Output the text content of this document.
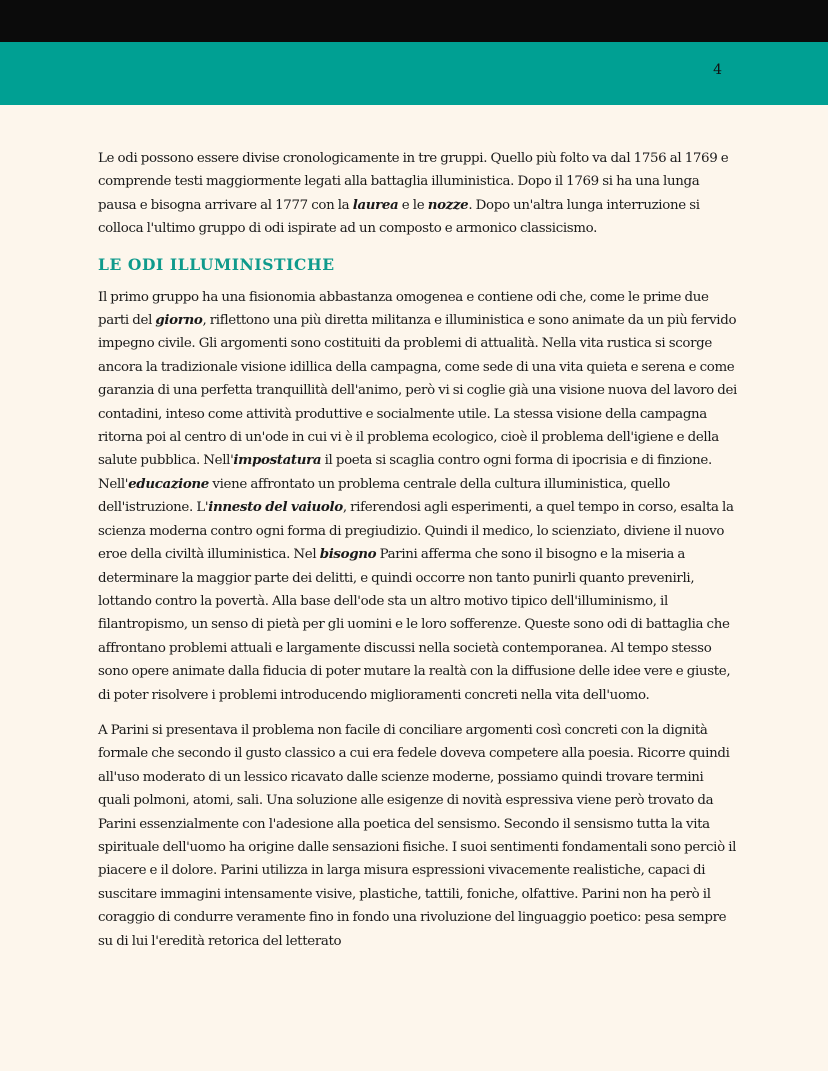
4

Le odi possono essere divise cronologicamente in tre gruppi. Quello più folto va dal 1756 al 1769 e comprende testi maggiormente legati alla battaglia illuministica. Dopo il 1769 si ha una lunga pausa e bisogna arrivare al 1777 con la laurea e le nozze. Dopo un'altra lunga interruzione si colloca l'ultimo gruppo di odi ispirate ad un composto e armonico classicismo.

LE ODI ILLUMINISTICHE

Il primo gruppo ha una fisionomia abbastanza omogenea e contiene odi che, come le prime due parti del giorno, riflettono una più diretta militanza e illuministica e sono animate da un più fervido impegno civile. Gli argomenti sono costituiti da problemi di attualità. Nella vita rustica si scorge ancora la tradizionale visione idillica della campagna, come sede di una vita quieta e serena e come garanzia di una perfetta tranquillità dell'animo, però vi si coglie già una visione nuova del lavoro dei contadini, inteso come attività produttive e socialmente utile. La stessa visione della campagna ritorna poi al centro di un'ode in cui vi è il problema ecologico, cioè il problema dell'igiene e della salute pubblica. Nell'impostatura il poeta si scaglia contro ogni forma di ipocrisia e di finzione. Nell'educazione viene affrontato un problema centrale della cultura illuministica, quello dell'istruzione. L'innesto del vaiuolo, riferendosi agli esperimenti, a quel tempo in corso, esalta la scienza moderna contro ogni forma di pregiudizio. Quindi il medico, lo scienziato, diviene il nuovo eroe della civiltà illuministica. Nel bisogno Parini afferma che sono il bisogno e la miseria a determinare la maggior parte dei delitti, e quindi occorre non tanto punirli quanto prevenirli, lottando contro la povertà. Alla base dell'ode sta un altro motivo tipico dell'illuminismo, il filantropismo, un senso di pietà per gli uomini e le loro sofferenze. Queste sono odi di battaglia che affrontano problemi attuali e largamente discussi nella società contemporanea. Al tempo stesso sono opere animate dalla fiducia di poter mutare la realtà con la diffusione delle idee vere e giuste, di poter risolvere i problemi introducendo miglioramenti concreti nella vita dell'uomo.

A Parini si presentava il problema non facile di conciliare argomenti così concreti con la dignità formale che secondo il gusto classico a cui era fedele doveva competere alla poesia. Ricorre quindi all'uso moderato di un lessico ricavato dalle scienze moderne, possiamo quindi trovare termini quali polmoni, atomi, sali. Una soluzione alle esigenze di novità espressiva viene però trovato da Parini essenzialmente con l'adesione alla poetica del sensismo. Secondo il sensismo tutta la vita spirituale dell'uomo ha origine dalle sensazioni fisiche. I suoi sentimenti fondamentali sono perciò il piacere e il dolore. Parini utilizza in larga misura espressioni vivacemente realistiche, capaci di suscitare immagini intensamente visive, plastiche, tattili, foniche, olfattive. Parini non ha però il coraggio di condurre veramente fino in fondo una rivoluzione del linguaggio poetico: pesa sempre su di lui l'eredità retorica del letterato
